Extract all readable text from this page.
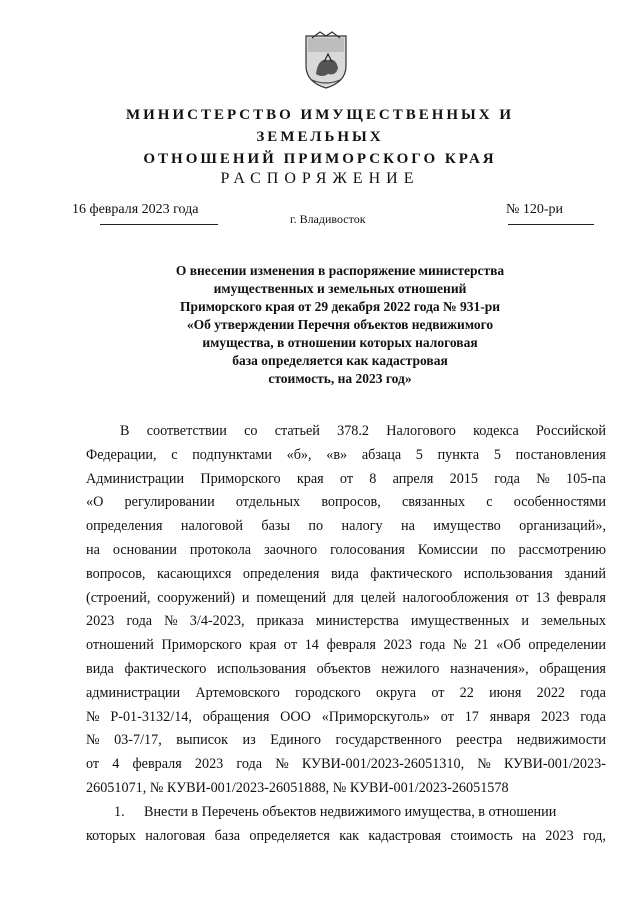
МИНИСТЕРСТВО ИМУЩЕСТВЕННЫХ И ЗЕМЕЛЬНЫХ
ОТНОШЕНИЙ ПРИМОРСКОГО КРАЯ
РАСПОРЯЖЕНИЕ
16 февраля 2023 года
г. Владивосток
№ 120-ри
О внесении изменения в распоряжение министерства
имущественных и земельных отношений
Приморского края от 29 декабря 2022 года № 931-ри
«Об утверждении Перечня объектов недвижимого
имущества, в отношении которых налоговая
база определяется как кадастровая
стоимость, на 2023 год»
В соответствии со статьей 378.2 Налогового кодекса Российской
Федерации, с подпунктами «б», «в» абзаца 5 пункта 5 постановления
Администрации Приморского края от 8 апреля 2015 года № 105-па
«О регулировании отдельных вопросов, связанных с особенностями
определения налоговой базы по налогу на имущество организаций»,
на основании протокола заочного голосования Комиссии по рассмотрению
вопросов, касающихся определения вида фактического использования зданий
(строений, сооружений) и помещений для целей налогообложения от 13 февраля
2023 года № 3/4-2023, приказа министерства имущественных и земельных
отношений Приморского края от 14 февраля 2023 года № 21 «Об определении
вида фактического использования объектов нежилого назначения», обращения
администрации Артемовского городского округа от 22 июня 2022 года
№ Р-01-3132/14, обращения ООО «Приморскуголь» от 17 января 2023 года
№ 03-7/17, выписок из Единого государственного реестра недвижимости
от 4 февраля 2023 года № КУВИ-001/2023-26051310, № КУВИ-001/2023-
26051071, № КУВИ-001/2023-26051888, № КУВИ-001/2023-26051578
1.	Внести в Перечень объектов недвижимого имущества, в отношении
которых налоговая база определяется как кадастровая стоимость на 2023 год,
